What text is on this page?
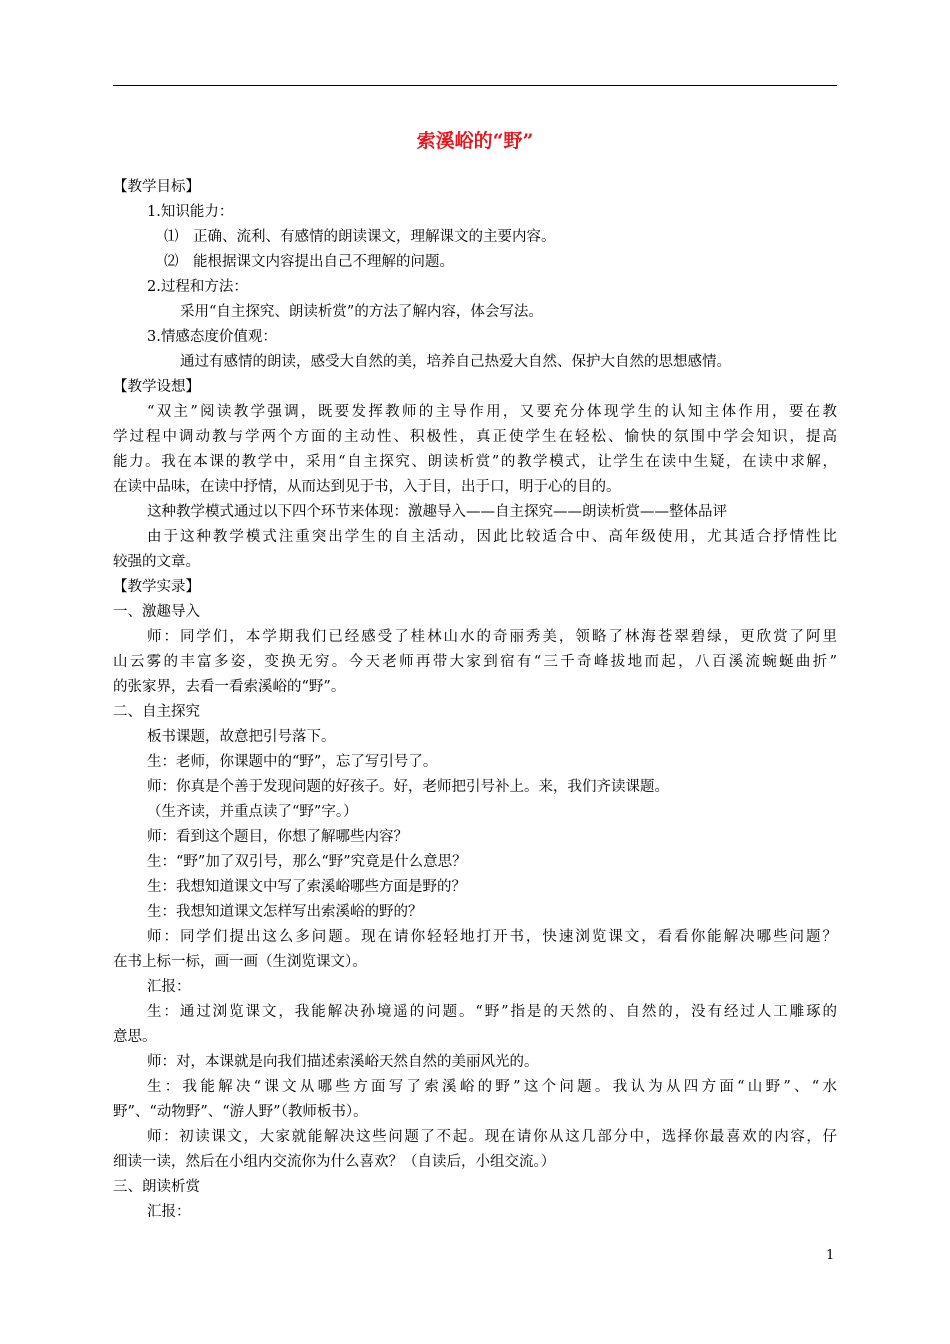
索溪峪的“野”
【教学目标】
1.知识能力：
⑴　正确、流利、有感情的朗读课文，理解课文的主要内容。
⑵　能根据课文内容提出自己不理解的问题。
2.过程和方法：
采用“自主探究、朗读析赏”的方法了解内容，体会写法。
3.情感态度价值观：
通过有感情的朗读，感受大自然的美，培养自己热爱大自然、保护大自然的思想感情。
【教学设想】
“双主”阅读教学强调，既要发挥教师的主导作用，又要充分体现学生的认知主体作用，要在教
学过程中调动教与学两个方面的主动性、积极性，真正使学生在轻松、愉快的氛围中学会知识，提高
能力。我在本课的教学中，采用“自主探究、朗读析赏”的教学模式，让学生在读中生疑，在读中求解，
在读中品味，在读中抒情，从而达到见于书，入于目，出于口，明于心的目的。
这种教学模式通过以下四个环节来体现：激趣导入——自主探究——朗读析赏——整体品评
由于这种教学模式注重突出学生的自主活动，因此比较适合中、高年级使用，尤其适合抒情性比
较强的文章。
【教学实录】
一、激趣导入
师：同学们，本学期我们已经感受了桂林山水的奇丽秀美，领略了林海苍翠碧绿，更欣赏了阿里
山云雾的丰富多姿，变换无穷。今天老师再带大家到宿有“三千奇峰拔地而起，八百溪流蜿蜒曲折”
的张家界，去看一看索溪峪的“野”。
二、自主探究
板书课题，故意把引号落下。
生：老师，你课题中的“野”，忘了写引号了。
师：你真是个善于发现问题的好孩子。好，老师把引号补上。来，我们齐读课题。
（生齐读，并重点读了“野”字。）
师：看到这个题目，你想了解哪些内容？
生：“野”加了双引号，那么“野”究竟是什么意思？
生：我想知道课文中写了索溪峪哪些方面是野的？
生：我想知道课文怎样写出索溪峪的野的？
师：同学们提出这么多问题。现在请你轻轻地打开书，快速浏览课文，看看你能解决哪些问题？
在书上标一标，画一画（生浏览课文）。
汇报：
生：通过浏览课文，我能解决孙境遥的问题。“野”指是的天然的、自然的，没有经过人工雕琢的
意思。
师：对，本课就是向我们描述索溪峪天然自然的美丽风光的。
生：我能解决“课文从哪些方面写了索溪峪的野”这个问题。我认为从四方面“山野”、“水
野”、“动物野”、“游人野”（教师板书）。
师：初读课文，大家就能解决这些问题了不起。现在请你从这几部分中，选择你最喜欢的内容，仔
细读一读，然后在小组内交流你为什么喜欢？（自读后，小组交流。）
三、朗读析赏
汇报：
1
